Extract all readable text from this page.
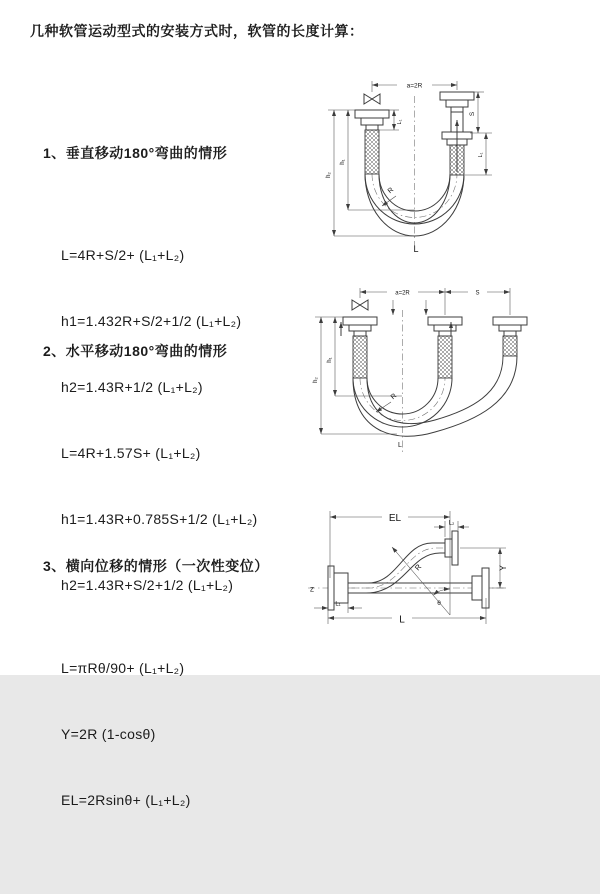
几种软管运动型式的安装方式时，软管的长度计算：

1、垂直移动180°弯曲的情形

L=4R+S/2+ (L₁+L₂)

h1=1.432R+S/2+1/2 (L₁+L₂)

h2=1.43R+1/2 (L₁+L₂)

2、水平移动180°弯曲的情形

L=4R+1.57S+ (L₁+L₂)

h1=1.43R+0.785S+1/2 (L₁+L₂)

h2=1.43R+S/2+1/2 (L₁+L₂)

3、横向位移的情形（一次性变位）

L=πRθ/90+ (L₁+L₂)

Y=2R (1-cosθ)

EL=2Rsinθ+ (L₁+L₂)

a=2R
S
L₁
L₁
h₁
h₂
R
L
a=2R	S
h₁
h₂
R
L
Z
θ
R
EL	L₂
Y
L
L₁
